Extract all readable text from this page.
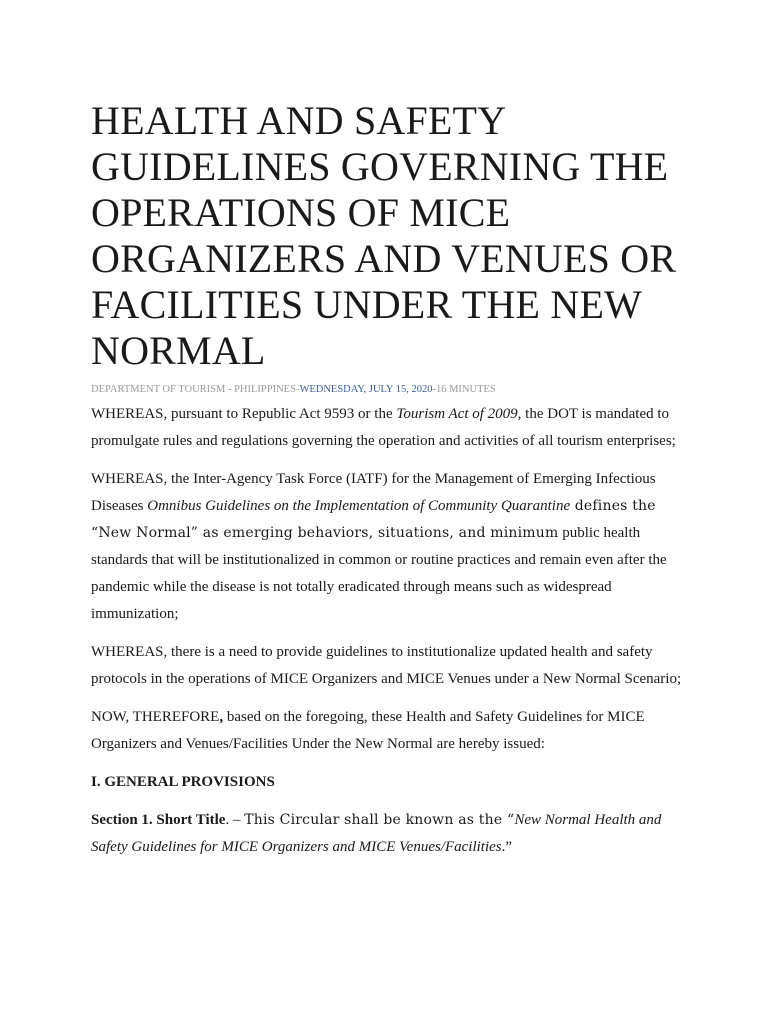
HEALTH AND SAFETY GUIDELINES GOVERNING THE OPERATIONS OF MICE ORGANIZERS AND VENUES OR FACILITIES UNDER THE NEW NORMAL
DEPARTMENT OF TOURISM - PHILIPPINES-WEDNESDAY, JULY 15, 2020-16 MINUTES

WHEREAS, pursuant to Republic Act 9593 or the Tourism Act of 2009, the DOT is mandated to promulgate rules and regulations governing the operation and activities of all tourism enterprises;

WHEREAS, the Inter-Agency Task Force (IATF) for the Management of Emerging Infectious Diseases Omnibus Guidelines on the Implementation of Community Quarantine defines the “New Normal” as emerging behaviors, situations, and minimum public health standards that will be institutionalized in common or routine practices and remain even after the pandemic while the disease is not totally eradicated through means such as widespread immunization;

WHEREAS, there is a need to provide guidelines to institutionalize updated health and safety protocols in the operations of MICE Organizers and MICE Venues under a New Normal Scenario;

NOW, THEREFORE, based on the foregoing, these Health and Safety Guidelines for MICE Organizers and Venues/Facilities Under the New Normal are hereby issued:

I. GENERAL PROVISIONS

Section 1. Short Title. – This Circular shall be known as the “New Normal Health and Safety Guidelines for MICE Organizers and MICE Venues/Facilities.”
